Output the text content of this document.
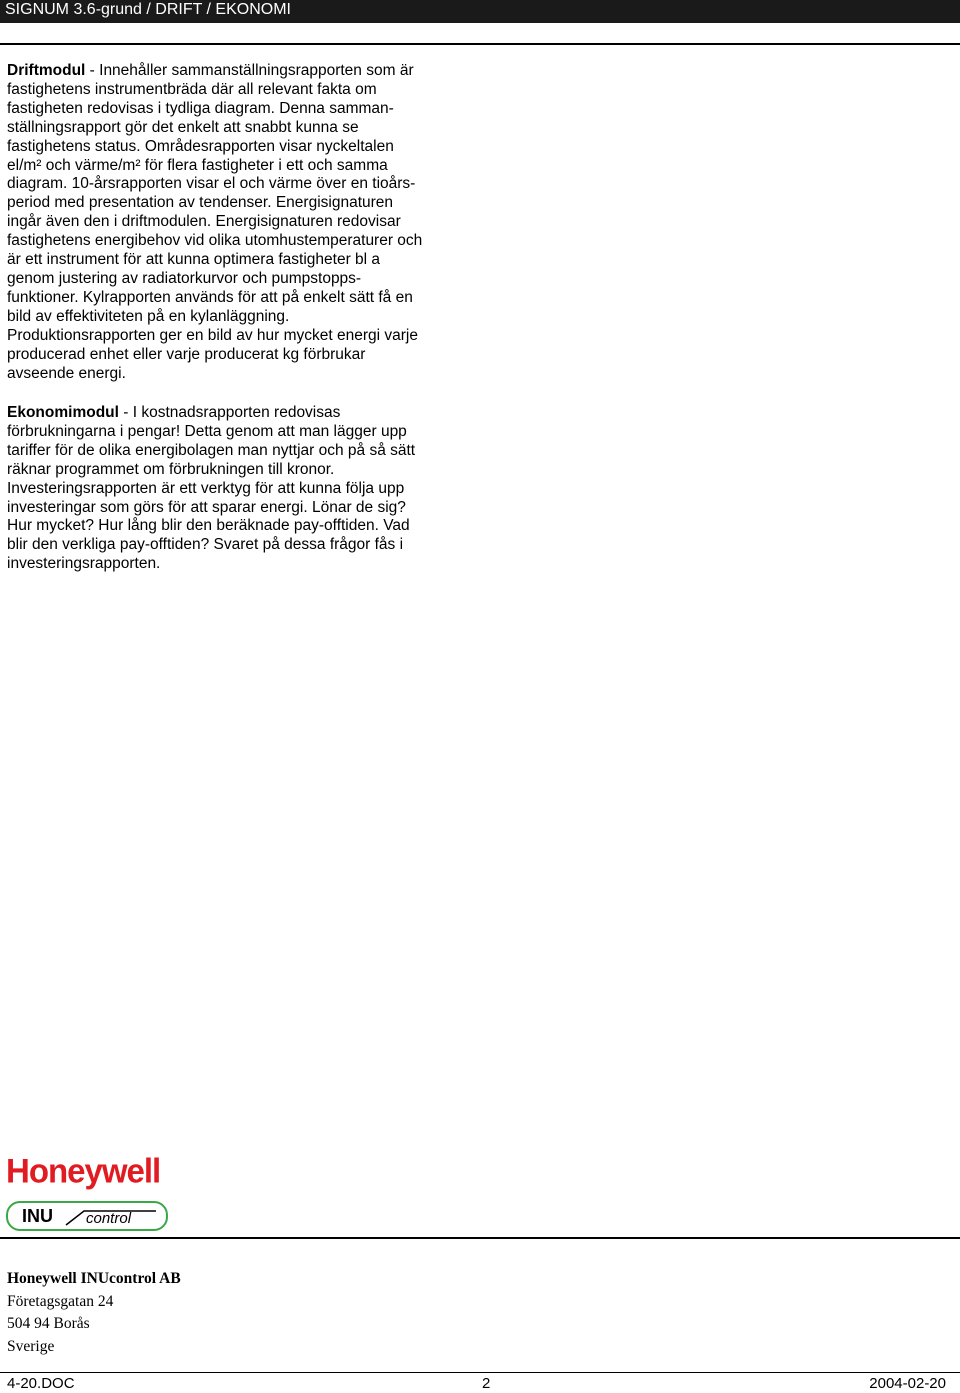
SIGNUM 3.6-grund / DRIFT / EKONOMI

Driftmodul - Innehåller sammanställningsrapporten som är

fastighetens instrumentbräda där all relevant fakta om

fastigheten redovisas i tydliga diagram. Denna samman-

ställningsrapport gör det enkelt att snabbt kunna se

fastighetens status. Områdesrapporten visar nyckeltalen

el/m² och värme/m² för flera fastigheter i ett och samma

diagram. 10-årsrapporten visar el och värme över en tioårs-

period med presentation av tendenser. Energisignaturen

ingår även den i driftmodulen. Energisignaturen redovisar

fastighetens energibehov vid olika utomhustemperaturer och

är ett instrument för att kunna optimera fastigheter bl a

genom justering av radiatorkurvor och pumpstopps-

funktioner. Kylrapporten används för att på enkelt sätt få en

bild av effektiviteten på en kylanläggning.

Produktionsrapporten ger en bild av hur mycket energi varje

producerad enhet eller varje producerat kg förbrukar

avseende energi.

Ekonomimodul - I kostnadsrapporten redovisas

förbrukningarna i pengar! Detta genom att man lägger upp

tariffer för de olika energibolagen man nyttjar och på så sätt

räknar programmet om förbrukningen till kronor.

Investeringsrapporten är ett verktyg för att kunna följa upp

investeringar som görs för att sparar energi. Lönar de sig?

Hur mycket? Hur lång blir den beräknade pay-offtiden. Vad

blir den verkliga pay-offtiden? Svaret på dessa frågor fås i

investeringsrapporten.

Honeywell
INU control
Honeywell INUcontrol AB
Företagsgatan 24
504 94 Borås
Sverige
4-20.DOC	2	2004-02-20
